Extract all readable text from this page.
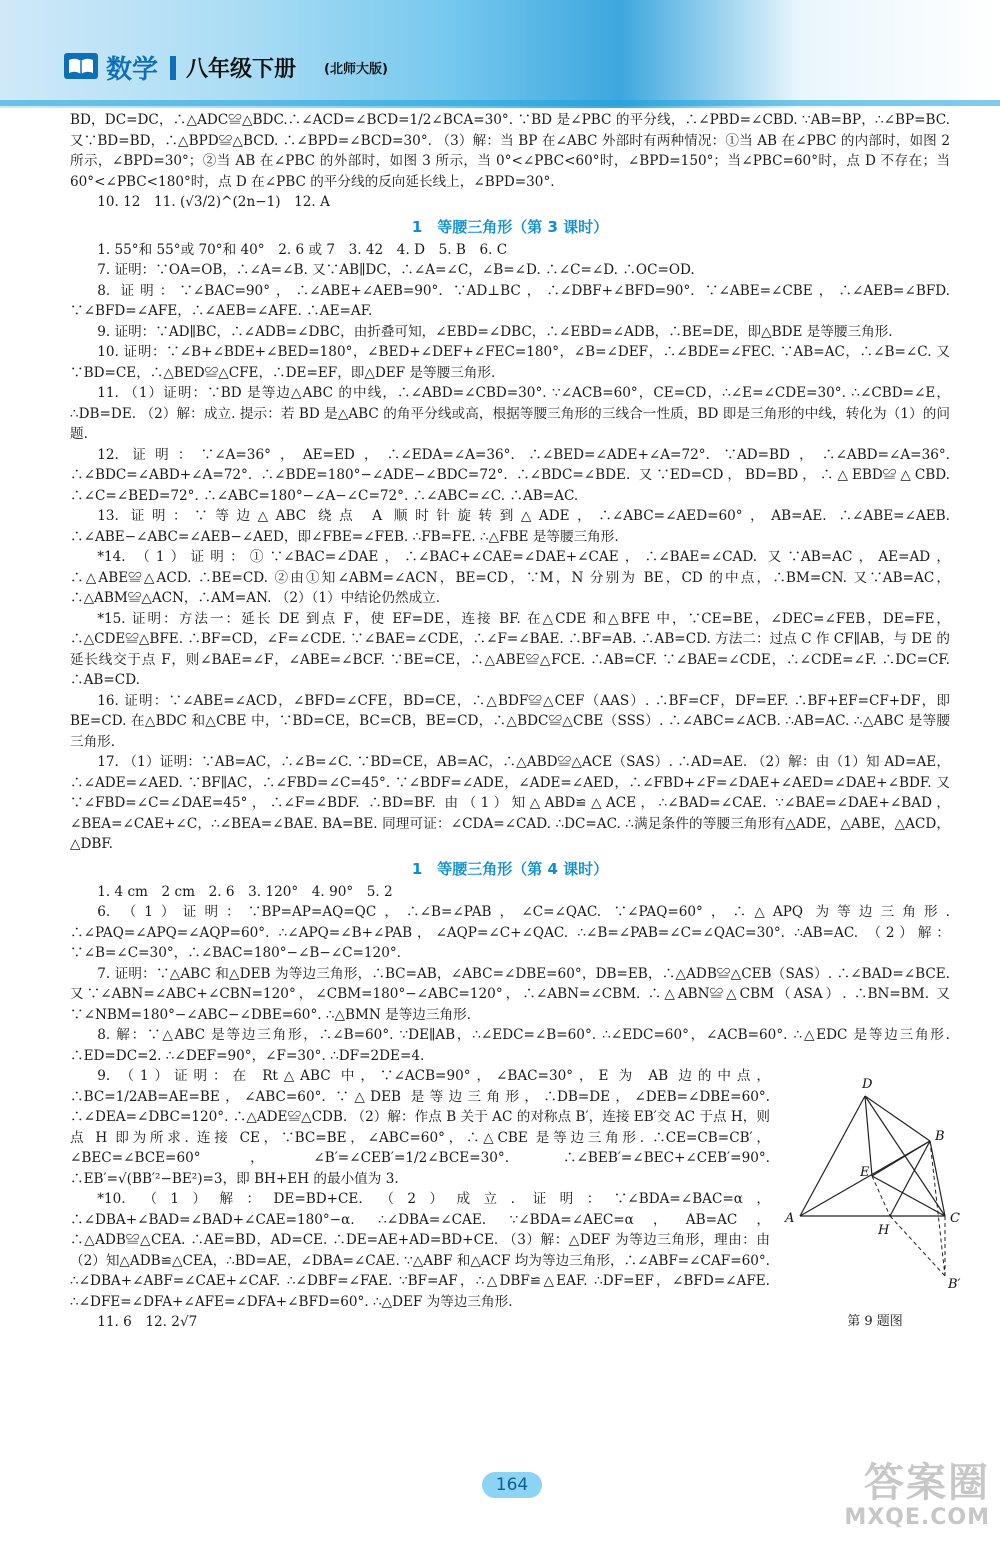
数学 八年级下册 (北师大版)

BD，DC=DC，∴△ADC≌△BDC.∴∠ACD=∠BCD=1/2∠BCA=30°. ∵BD 是∠PBC 的平分线，∴∠PBD=∠CBD. ∵AB=BP，∴∠BP=BC. 又∵BD=BD，∴△BPD≌△BCD. ∴∠BPD=∠BCD=30°. （3）解：当 BP 在∠ABC 外部时有两种情况：①当 AB 在∠PBC 的内部时，如图 2 所示，∠BPD=30°；②当 AB 在∠PBC 的外部时，如图 3 所示，当 0°<∠PBC<60°时，∠BPD=150°；当∠PBC=60°时，点 D 不存在；当 60°<∠PBC<180°时，点 D 在∠PBC 的平分线的反向延长线上，∠BPD=30°.

10. 12　11. (√3/2)^(2n−1)　12. A

1　等腰三角形（第 3 课时）

1. 55°和 55°或 70°和 40°　2. 6 或 7　3. 42　4. D　5. B　6. C

7. 证明：∵OA=OB，∴∠A=∠B. 又∵AB∥DC，∴∠A=∠C，∠B=∠D. ∴∠C=∠D. ∴OC=OD.

8. 证明：∵∠BAC=90°，∴∠ABE+∠AEB=90°. ∵AD⊥BC，∴∠DBF+∠BFD=90°. ∵∠ABE=∠CBE，∴∠AEB=∠BFD. ∵∠BFD=∠AFE，∴∠AEB=∠AFE. ∴AE=AF.

9. 证明：∵AD∥BC，∴∠ADB=∠DBC，由折叠可知，∠EBD=∠DBC，∴∠EBD=∠ADB，∴BE=DE，即△BDE 是等腰三角形.

10. 证明：∵∠B+∠BDE+∠BED=180°，∠BED+∠DEF+∠FEC=180°，∠B=∠DEF，∴∠BDE=∠FEC. ∵AB=AC，∴∠B=∠C. 又∵BD=CE，∴△BED≌△CFE，∴DE=EF，即△DEF 是等腰三角形.

11. （1）证明：∵BD 是等边△ABC 的中线，∴∠ABD=∠CBD=30°. ∵∠ACB=60°，CE=CD，∴∠E=∠CDE=30°. ∴∠CBD=∠E，∴DB=DE. （2）解：成立. 提示：若 BD 是△ABC 的角平分线或高，根据等腰三角形的三线合一性质，BD 即是三角形的中线，转化为（1）的问题.

12. 证明：∵∠A=36°，AE=ED，∴∠EDA=∠A=36°. ∴∠BED=∠ADE+∠A=72°. ∵AD=BD，∴∠ABD=∠A=36°. ∴∠BDC=∠ABD+∠A=72°. ∴∠BDE=180°−∠ADE−∠BDC=72°. ∴∠BDC=∠BDE. 又∵ED=CD，BD=BD，∴△EBD≌△CBD. ∴∠C=∠BED=72°. ∴∠ABC=180°−∠A−∠C=72°. ∴∠ABC=∠C. ∴AB=AC.

13. 证明：∵等边△ABC 绕点 A 顺时针旋转到△ADE，∴∠ABC=∠AED=60°，AB=AE. ∴∠ABE=∠AEB. ∴∠ABE−∠ABC=∠AEB−∠AED，即∠FBE=∠FEB. ∴FB=FE. ∴△FBE 是等腰三角形.

*14. （1）证明：①∵∠BAC=∠DAE，∴∠BAC+∠CAE=∠DAE+∠CAE，∴∠BAE=∠CAD. 又∵AB=AC，AE=AD，∴△ABE≌△ACD. ∴BE=CD. ②由①知∠ABM=∠ACN，BE=CD，∵M，N 分别为 BE，CD 的中点，∴BM=CN. 又∵AB=AC，∴△ABM≌△ACN，∴AM=AN. （2）（1）中结论仍然成立.

*15. 证明：方法一：延长 DE 到点 F，使 EF=DE，连接 BF. 在△CDE 和△BFE 中，∵CE=BE，∠DEC=∠FEB，DE=FE，∴△CDE≌△BFE. ∴BF=CD，∠F=∠CDE. ∵∠BAE=∠CDE，∴∠F=∠BAE. ∴BF=AB. ∴AB=CD. 方法二：过点 C 作 CF∥AB，与 DE 的延长线交于点 F，则∠BAE=∠F，∠ABE=∠BCF. ∵BE=CE，∴△ABE≌△FCE. ∴AB=CF. ∵∠BAE=∠CDE，∴∠CDE=∠F. ∴DC=CF. ∴AB=CD.

16. 证明：∵∠ABE=∠ACD，∠BFD=∠CFE，BD=CE，∴△BDF≌△CEF（AAS）. ∴BF=CF，DF=EF. ∴BF+EF=CF+DF，即 BE=CD. 在△BDC 和△CBE 中，∵BD=CE，BC=CB，BE=CD，∴△BDC≌△CBE（SSS）. ∴∠ABC=∠ACB. ∴AB=AC. ∴△ABC 是等腰三角形.

17. （1）证明：∵AB=AC，∴∠B=∠C. ∵BD=CE，AB=AC，∴△ABD≌△ACE（SAS）. ∴AD=AE. （2）解：由（1）知 AD=AE，∴∠ADE=∠AED. ∵BF∥AC，∴∠FBD=∠C=45°. ∵∠BDF=∠ADE，∠ADE=∠AED，∴∠FBD+∠F=∠DAE+∠AED=∠DAE+∠BDF. 又∵∠FBD=∠C=∠DAE=45°，∴∠F=∠BDF. ∴BD=BF. 由（1）知△ABD≌△ACE，∴∠BAD=∠CAE. ∵∠BAE=∠DAE+∠BAD，∠BEA=∠CAE+∠C，∴∠BEA=∠BAE. BA=BE. 同理可证：∠CDA=∠CAD. ∴DC=AC. ∴满足条件的等腰三角形有△ADE，△ABE，△ACD，△DBF.

1　等腰三角形（第 4 课时）

1. 4 cm　2 cm　2. 6　3. 120°　4. 90°　5. 2

6. （1）证明：∵BP=AP=AQ=QC，∴∠B=∠PAB，∠C=∠QAC. ∵∠PAQ=60°，∴△APQ 为等边三角形. ∴∠PAQ=∠APQ=∠AQP=60°. ∴∠APQ=∠B+∠PAB，∠AQP=∠C+∠QAC. ∴∠B=∠PAB=∠C=∠QAC=30°. ∴AB=AC. （2）解：∵∠B=∠C=30°，∴∠BAC=180°−∠B−∠C=120°.

7. 证明：∵△ABC 和△DEB 为等边三角形，∴BC=AB，∠ABC=∠DBE=60°，DB=EB，∴△ADB≌△CEB（SAS）. ∴∠BAD=∠BCE. 又∵∠ABN=∠ABC+∠CBN=120°，∠CBM=180°−∠ABC=120°，∴∠ABN=∠CBM. ∴△ABN≌△CBM（ASA）. ∴BN=BM. 又∵∠NBM=180°−∠ABC−∠DBE=60°. ∴△BMN 是等边三角形.

8. 解：∵△ABC 是等边三角形，∴∠B=60°. ∵DE∥AB，∴∠EDC=∠B=60°. ∴∠EDC=60°，∠ACB=60°. ∴△EDC 是等边三角形. ∴ED=DC=2. ∴∠DEF=90°，∠F=30°. ∴DF=2DE=4.

D
B
A	C
E
H
B′
第 9 题图

9. （1）证明：在 Rt△ABC 中，∵∠ACB=90°，∠BAC=30°，E 为 AB 边的中点，∴BC=1/2AB=AE=BE，∠ABC=60°. ∵△DEB 是等边三角形，∴DB=DE，∠DEB=∠DBE=60°. ∴∠DEA=∠DBC=120°. ∴△ADE≌△CDB. （2）解：作点 B 关于 AC 的对称点 B′，连接 EB′交 AC 于点 H，则点 H 即为所求. 连接 CE，∵BC=BE，∠ABC=60°，∴△CBE 是等边三角形. ∴CE=CB=CB′，∠BEC=∠BCE=60°，∠B′=∠CEB′=1/2∠BCE=30°. ∴∠BEB′=∠BEC+∠CEB′=90°. ∴EB′=√(BB′²−BE²)=3，即 BH+EH 的最小值为 3.

*10. （1）解：DE=BD+CE. （2）成立. 证明：∵∠BDA=∠BAC=α，∴∠DBA+∠BAD=∠BAD+∠CAE=180°−α. ∴∠DBA=∠CAE. ∵∠BDA=∠AEC=α，AB=AC，∴△ADB≌△CEA. ∴AE=BD，AD=CE. ∴DE=AE+AD=BD+CE. （3）解：△DEF 为等边三角形，理由：由（2）知△ADB≌△CEA，∴BD=AE，∠DBA=∠CAE. ∵△ABF 和△ACF 均为等边三角形，∴∠ABF=∠CAF=60°. ∴∠DBA+∠ABF=∠CAE+∠CAF. ∴∠DBF=∠FAE. ∵BF=AF，∴△DBF≌△EAF. ∴DF=EF，∠BFD=∠AFE. ∴∠DFE=∠DFA+∠AFE=∠DFA+∠BFD=60°. ∴△DEF 为等边三角形.

11. 6　12. 2√7

164	答案圈
MXQE.COM
